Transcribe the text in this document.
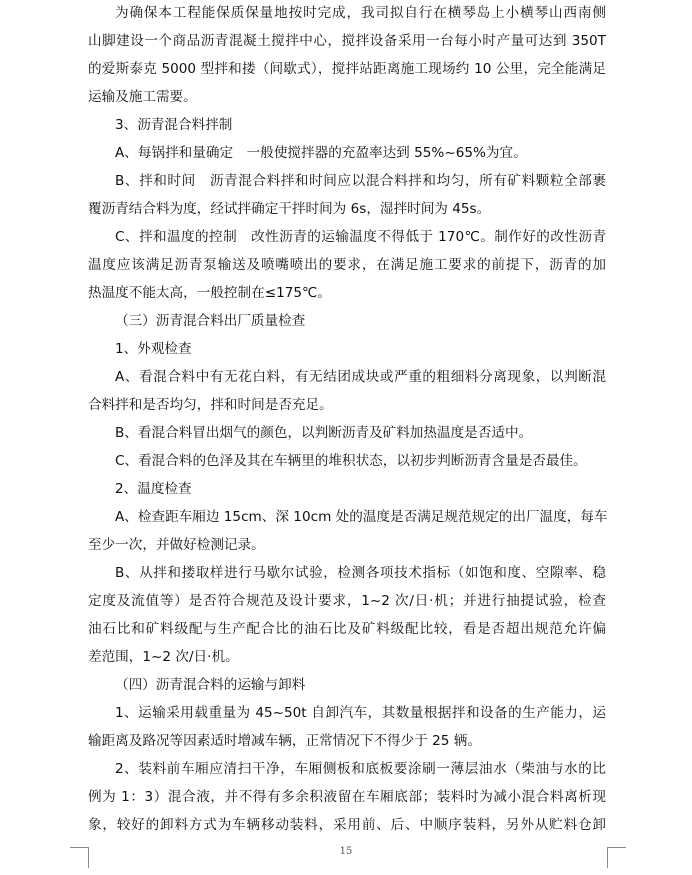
为确保本工程能保质保量地按时完成，我司拟自行在横琴岛上小横琴山西南侧
山脚建设一个商品沥青混凝土搅拌中心，搅拌设备采用一台每小时产量可达到 350T
的爱斯泰克 5000 型拌和搂（间歇式），搅拌站距离施工现场约 10 公里，完全能满足
运输及施工需要。
3、沥青混合料拌制
A、每锅拌和量确定　一般使搅拌器的充盈率达到 55%~65%为宜。
B、拌和时间　沥青混合料拌和时间应以混合料拌和均匀，所有矿料颗粒全部裹
覆沥青结合料为度，经试拌确定干拌时间为 6s，湿拌时间为 45s。
C、拌和温度的控制　改性沥青的运输温度不得低于 170℃。制作好的改性沥青
温度应该满足沥青泵输送及喷嘴喷出的要求，在满足施工要求的前提下，沥青的加
热温度不能太高，一般控制在≤175℃。
（三）沥青混合料出厂质量检查
1、外观检查
A、看混合料中有无花白料，有无结团成块或严重的粗细料分离现象，以判断混
合料拌和是否均匀，拌和时间是否充足。
B、看混合料冒出烟气的颜色，以判断沥青及矿料加热温度是否适中。
C、看混合料的色泽及其在车辆里的堆积状态，以初步判断沥青含量是否最佳。
2、温度检查
A、检查距车厢边 15cm、深 10cm 处的温度是否满足规范规定的出厂温度，每车
至少一次，并做好检测记录。
B、从拌和搂取样进行马歇尔试验，检测各项技术指标（如饱和度、空隙率、稳
定度及流值等）是否符合规范及设计要求，1~2 次/日·机；并进行抽提试验，检查
油石比和矿料级配与生产配合比的油石比及矿料级配比较，看是否超出规范允许偏
差范围，1~2 次/日·机。
（四）沥青混合料的运输与卸料
1、运输采用载重量为 45~50t 自卸汽车，其数量根据拌和设备的生产能力，运
输距离及路况等因素适时增减车辆，正常情况下不得少于 25 辆。
2、装料前车厢应清扫干净，车厢侧板和底板要涂刷一薄层油水（柴油与水的比
例为 1：3）混合液，并不得有多余积液留在车厢底部；装料时为减小混合料离析现
象，较好的卸料方式为车辆移动装料，采用前、后、中顺序装料，另外从贮料仓卸
15
